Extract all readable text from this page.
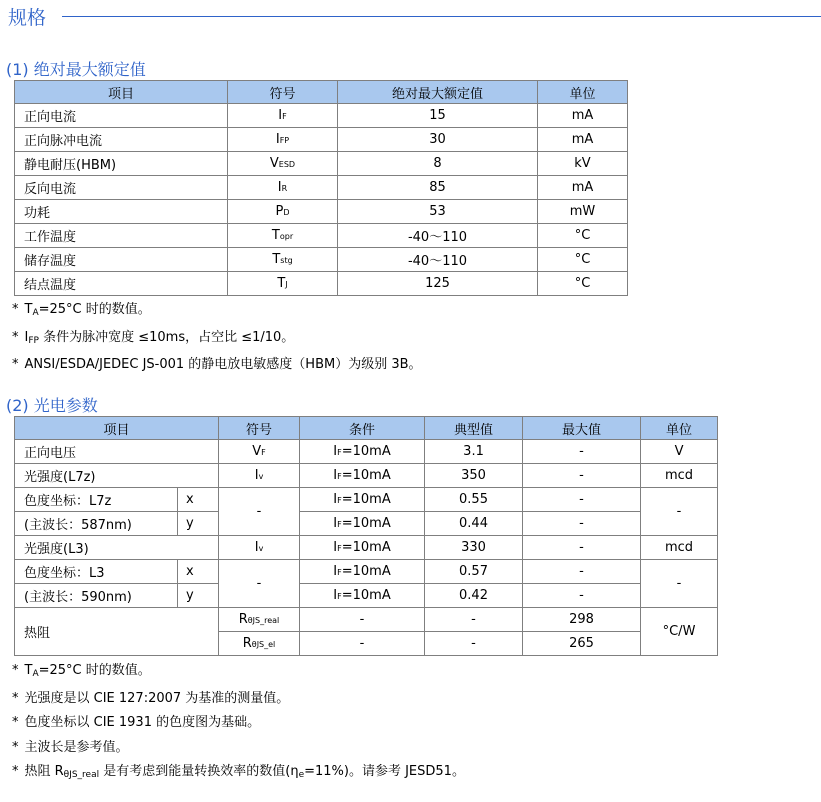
规格
(1) 绝对最大额定值
项目	符号	绝对最大额定值	单位
正向电流	IF	15	mA
正向脉冲电流	IFP	30	mA
静电耐压(HBM)	VESD	8	kV
反向电流	IR	85	mA
功耗	PD	53	mW
工作温度	Topr	-40～110	°C
储存温度	Tstg	-40～110	°C
结点温度	TJ	125	°C
* TA=25°C 时的数值。
* IFP 条件为脉冲宽度 ≤10ms，占空比 ≤1/10。
* ANSI/ESDA/JEDEC JS-001 的静电放电敏感度（HBM）为级别 3B。
(2) 光电参数
项目		符号	条件	典型值	最大值	单位
正向电压		VF	IF=10mA	3.1	-	V
光强度(L7z)		Iv	IF=10mA	350	-	mcd
色度坐标：L7z	x	-	IF=10mA	0.55	-	-
(主波长：587nm)	y		IF=10mA	0.44	-	
光强度(L3)		Iv	IF=10mA	330	-	mcd
色度坐标：L3	x	-	IF=10mA	0.57	-	-
(主波长：590nm)	y		IF=10mA	0.42	-	
热阻		RθJS_real	-	-	298	°C/W
		RθJS_el	-	-	265	
* TA=25°C 时的数值。
* 光强度是以 CIE 127:2007 为基准的测量值。
* 色度坐标以 CIE 1931 的色度图为基础。
* 主波长是参考值。
* 热阻 RθJS_real 是有考虑到能量转换效率的数值(ηe=11%)。请参考 JESD51。
